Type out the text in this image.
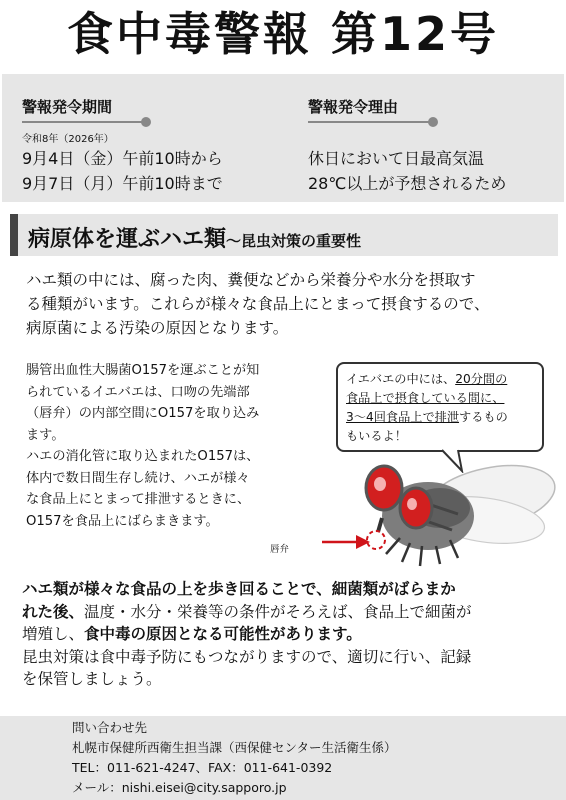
食中毒警報 第12号
警報発令期間
令和8年（2026年）
9月4日（金）午前10時から
9月7日（月）午前10時まで
警報発令理由
休日において日最高気温
28℃以上が予想されるため
病原体を運ぶハエ類～昆虫対策の重要性
ハエ類の中には、腐った肉、糞便などから栄養分や水分を摂取す
る種類がいます。これらが様々な食品上にとまって摂食するので、
病原菌による汚染の原因となります。
腸管出血性大腸菌O157を運ぶことが知
られているイエバエは、口吻の先端部
（唇弁）の内部空間にO157を取り込み
ます。
ハエの消化管に取り込まれたO157は、
体内で数日間生存し続け、ハエが様々
な食品上にとまって排泄するときに、
O157を食品上にばらまきます。
イエバエの中には、20分間の
食品上で摂食している間に、
3～4回食品上で排泄するもの
もいるよ！
唇弁
ハエ類が様々な食品の上を歩き回ることで、細菌類がばらまか
れた後、温度・水分・栄養等の条件がそろえば、食品上で細菌が
増殖し、食中毒の原因となる可能性があります。
昆虫対策は食中毒予防にもつながりますので、適切に行い、記録
を保管しましょう。
問い合わせ先
札幌市保健所西衛生担当課（西保健センター生活衛生係）
TEL：011-621-4247、FAX：011-641-0392
メール：nishi.eisei@city.sapporo.jp
